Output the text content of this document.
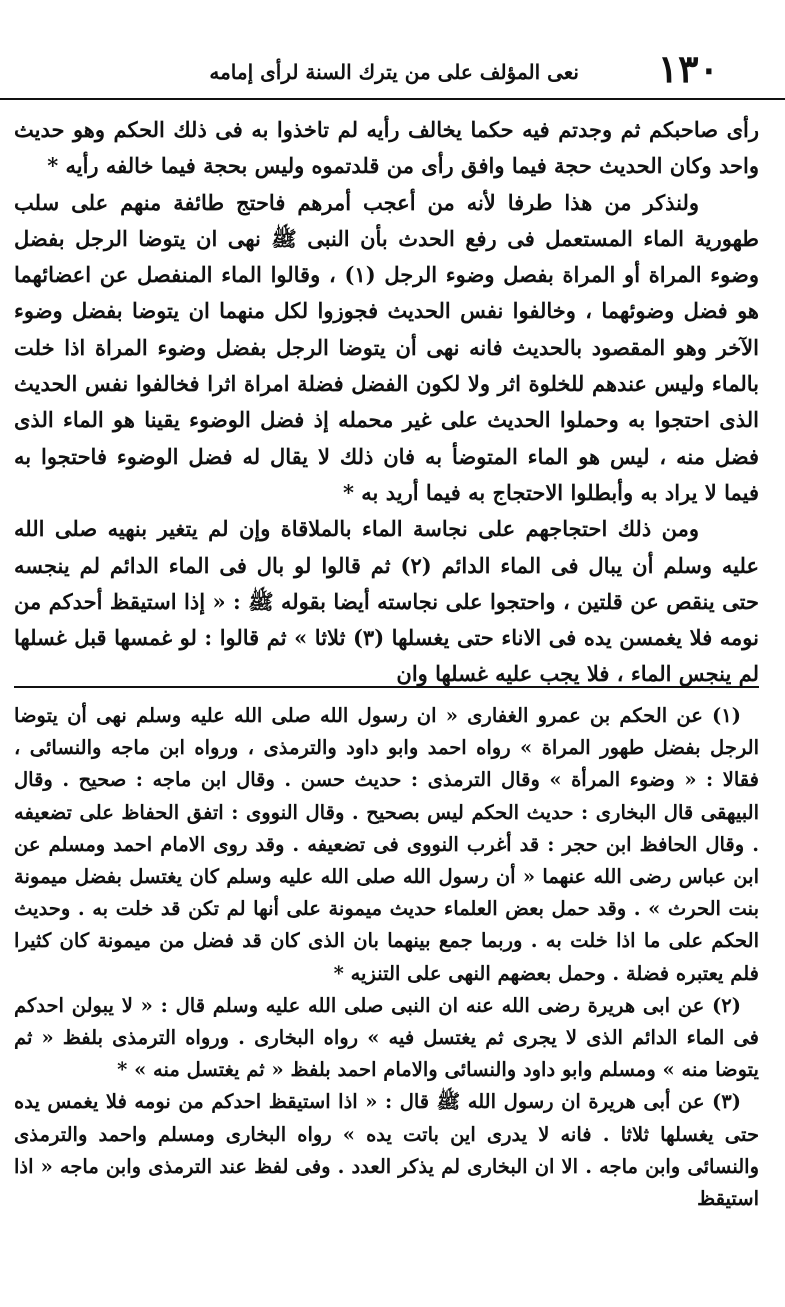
١٣٠
نعى المؤلف على من يترك السنة لرأى إمامه

رأى صاحبكم ثم وجدتم فيه حكما يخالف رأيه لم تاخذوا به فى ذلك الحكم وهو حديث واحد وكان الحديث حجة فيما وافق رأى من قلدتموه وليس بحجة فيما خالفه رأيه *

ولنذكر من هذا طرفا لأنه من أعجب أمرهم فاحتج طائفة منهم على سلب طهورية الماء المستعمل فى رفع الحدث بأن النبى ﷺ نهى ان يتوضا الرجل بفضل وضوء المراة أو المراة بفصل وضوء الرجل (١) ، وقالوا الماء المنفصل عن اعضائهما هو فضل وضوئهما ، وخالفوا نفس الحديث فجوزوا لكل منهما ان يتوضا بفضل وضوء الآخر وهو المقصود بالحديث فانه نهى أن يتوضا الرجل بفضل وضوء المراة اذا خلت بالماء وليس عندهم للخلوة اثر ولا لكون الفضل فضلة امراة اثرا فخالفوا نفس الحديث الذى احتجوا به وحملوا الحديث على غير محمله إذ فضل الوضوء يقينا هو الماء الذى فضل منه ، ليس هو الماء المتوضأ به فان ذلك لا يقال له فضل الوضوء فاحتجوا به فيما لا يراد به وأبطلوا الاحتجاج به فيما أريد به *

ومن ذلك احتجاجهم على نجاسة الماء بالملاقاة وإن لم يتغير بنهيه صلى الله عليه وسلم أن يبال فى الماء الدائم (٢) ثم قالوا لو بال فى الماء الدائم لم ينجسه حتى ينقص عن قلتين ، واحتجوا على نجاسته أيضا بقوله ﷺ : « إذا استيقظ أحدكم من نومه فلا يغمسن يده فى الاناء حتى يغسلها (٣) ثلاثا » ثم قالوا : لو غمسها قبل غسلها لم ينجس الماء ، فلا يجب عليه غسلها وان

(١) عن الحكم بن عمرو الغفارى « ان رسول الله صلى الله عليه وسلم نهى أن يتوضا الرجل بفضل طهور المراة » رواه احمد وابو داود والترمذى ، ورواه ابن ماجه والنسائى ، فقالا : « وضوء المرأة » وقال الترمذى : حديث حسن . وقال ابن ماجه : صحيح . وقال البيهقى قال البخارى : حديث الحكم ليس بصحيح . وقال النووى : اتفق الحفاظ على تضعيفه . وقال الحافظ ابن حجر : قد أغرب النووى فى تضعيفه . وقد روى الامام احمد ومسلم عن ابن عباس رضى الله عنهما « أن رسول الله صلى الله عليه وسلم كان يغتسل بفضل ميمونة بنت الحرث » . وقد حمل بعض العلماء حديث ميمونة على أنها لم تكن قد خلت به . وحديث الحكم على ما اذا خلت به . وربما جمع بينهما بان الذى كان قد فضل من ميمونة كان كثيرا فلم يعتبره فضلة . وحمل بعضهم النهى على التنزيه *

(٢) عن ابى هريرة رضى الله عنه ان النبى صلى الله عليه وسلم قال : « لا يبولن احدكم فى الماء الدائم الذى لا يجرى ثم يغتسل فيه » رواه البخارى . ورواه الترمذى بلفظ « ثم يتوضا منه » ومسلم وابو داود والنسائى والامام احمد بلفظ « ثم يغتسل منه » *

(٣) عن أبى هريرة ان رسول الله ﷺ قال : « اذا استيقظ احدكم من نومه فلا يغمس يده حتى يغسلها ثلاثا . فانه لا يدرى اين باتت يده » رواه البخارى ومسلم واحمد والترمذى والنسائى وابن ماجه . الا ان البخارى لم يذكر العدد . وفى لفظ عند الترمذى وابن ماجه « اذا استيقظ
